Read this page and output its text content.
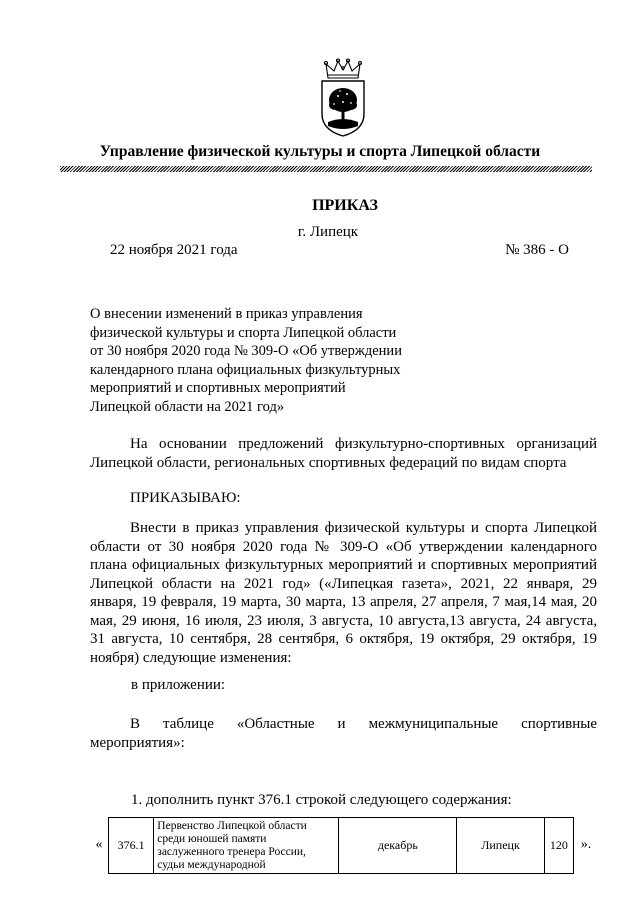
Управление физической культуры и спорта Липецкой области
ПРИКАЗ
г. Липецк
22 ноября 2021 года	№ 386 - О
О внесении изменений в приказ управления физической культуры и спорта Липецкой области от 30 ноября 2020 года № 309-О «Об утверждении календарного плана официальных физкультурных мероприятий и спортивных мероприятий Липецкой области на 2021 год»
На основании предложений физкультурно-спортивных организаций Липецкой области, региональных спортивных федераций по видам спорта
ПРИКАЗЫВАЮ:
Внести в приказ управления физической культуры и спорта Липецкой области от 30 ноября 2020 года № 309-О «Об утверждении календарного плана официальных физкультурных мероприятий и спортивных мероприятий Липецкой области на 2021 год» («Липецкая газета», 2021, 22 января, 29 января, 19 февраля, 19 марта, 30 марта, 13 апреля, 27 апреля, 7 мая,14 мая, 20 мая, 29 июня, 16 июля, 23 июля, 3 августа, 10 августа,13 августа, 24 августа, 31 августа, 10 сентября, 28 сентября, 6 октября, 19 октября, 29 октября, 19 ноября) следующие изменения:
в приложении:
В таблице «Областные и межмуниципальные спортивные мероприятия»:
1. дополнить пункт 376.1 строкой следующего содержания:
«	376.1	Первенство Липецкой области среди юношей памяти заслуженного тренера России, судьи международной	декабрь	Липецк	120 ».
